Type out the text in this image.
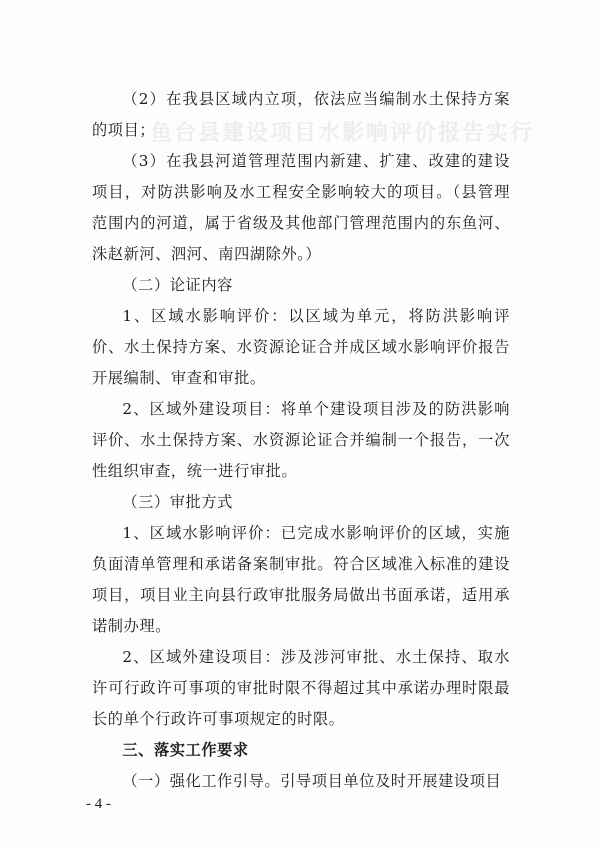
鱼台县建设项目水影响评价报告实行

（2）在我县区域内立项，依法应当编制水土保持方案的项目；

（3）在我县河道管理范围内新建、扩建、改建的建设项目，对防洪影响及水工程安全影响较大的项目。（县管理范围内的河道，属于省级及其他部门管理范围内的东鱼河、洙赵新河、泗河、南四湖除外。）

（二）论证内容

1、区域水影响评价：以区域为单元，将防洪影响评价、水土保持方案、水资源论证合并成区域水影响评价报告开展编制、审查和审批。

2、区域外建设项目：将单个建设项目涉及的防洪影响评价、水土保持方案、水资源论证合并编制一个报告，一次性组织审查，统一进行审批。

（三）审批方式

1、区域水影响评价：已完成水影响评价的区域，实施负面清单管理和承诺备案制审批。符合区域准入标准的建设项目，项目业主向县行政审批服务局做出书面承诺，适用承诺制办理。

2、区域外建设项目：涉及涉河审批、水土保持、取水许可行政许可事项的审批时限不得超过其中承诺办理时限最长的单个行政许可事项规定的时限。

三、落实工作要求

（一）强化工作引导。引导项目单位及时开展建设项目

- 4 -
